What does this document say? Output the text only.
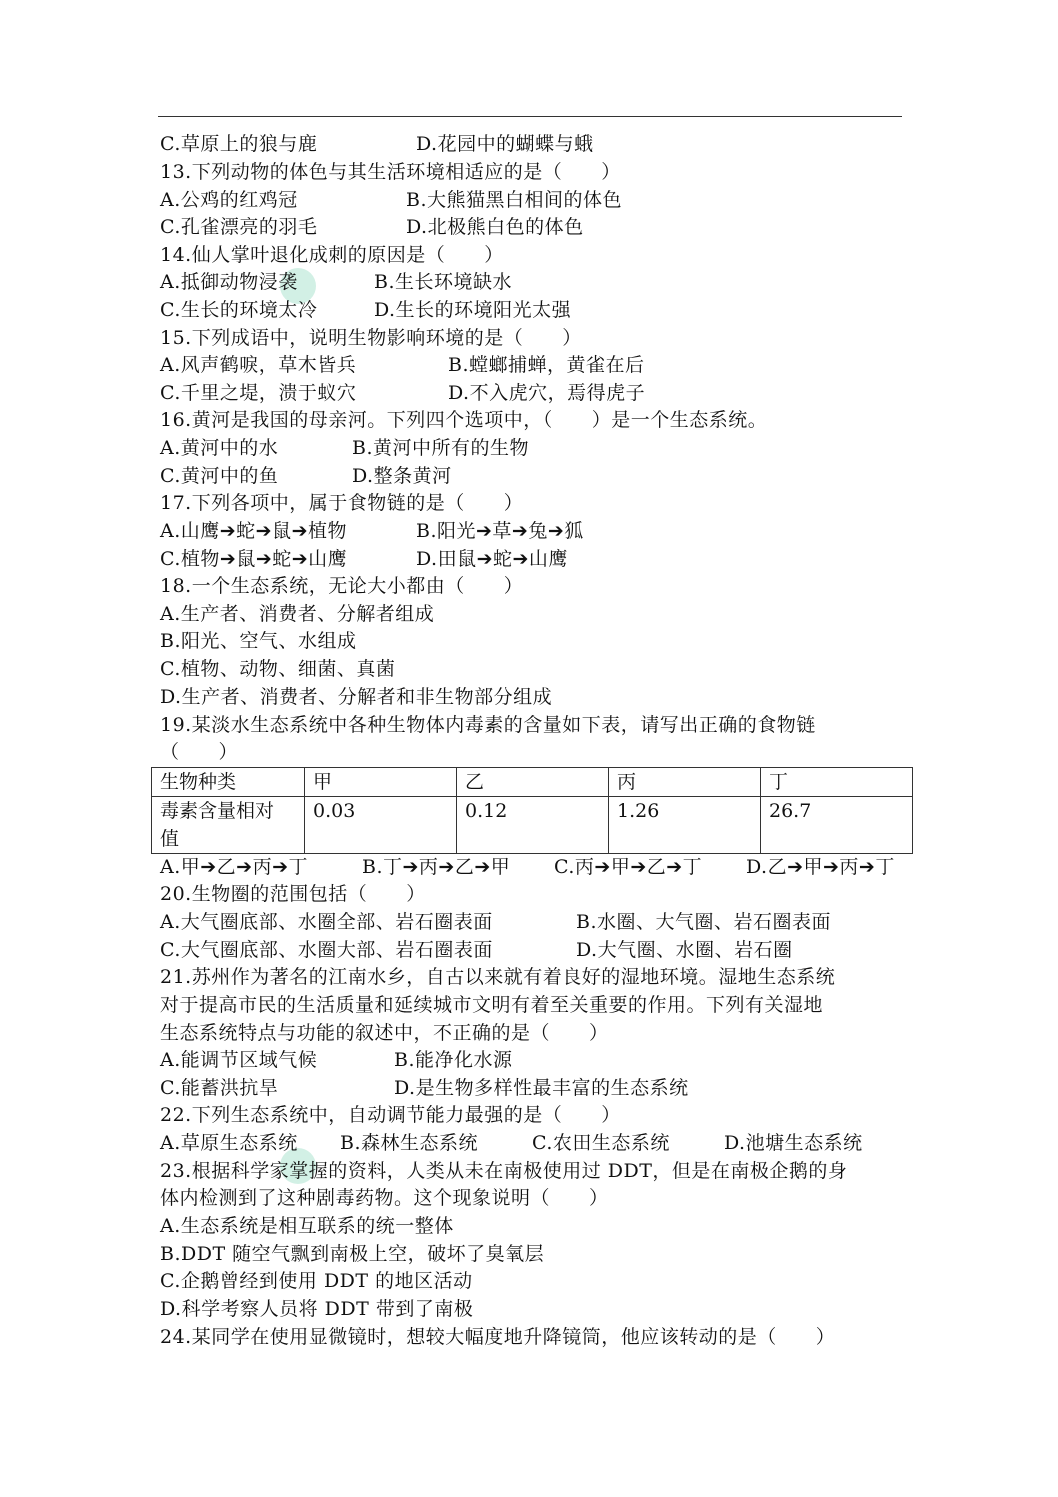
C.草原上的狼与鹿	D.花园中的蝴蝶与蛾
13.下列动物的体色与其生活环境相适应的是（　　）
A.公鸡的红鸡冠	B.大熊猫黑白相间的体色
C.孔雀漂亮的羽毛	D.北极熊白色的体色
14.仙人掌叶退化成刺的原因是（　　）
A.抵御动物浸袭	B.生长环境缺水
C.生长的环境太冷	D.生长的环境阳光太强
15.下列成语中，说明生物影响环境的是（　　）
A.风声鹤唳，草木皆兵	B.螳螂捕蝉，黄雀在后
C.千里之堤，溃于蚁穴	D.不入虎穴，焉得虎子
16.黄河是我国的母亲河。下列四个选项中，（　　）是一个生态系统。
A.黄河中的水	B.黄河中所有的生物
C.黄河中的鱼	D.整条黄河
17.下列各项中，属于食物链的是（　　）
A.山鹰➔蛇➔鼠➔植物	B.阳光➔草➔兔➔狐
C.植物➔鼠➔蛇➔山鹰	D.田鼠➔蛇➔山鹰
18.一个生态系统，无论大小都由（　　）
A.生产者、消费者、分解者组成
B.阳光、空气、水组成
C.植物、动物、细菌、真菌
D.生产者、消费者、分解者和非生物部分组成
19.某淡水生态系统中各种生物体内毒素的含量如下表，请写出正确的食物链
（　　）
生物种类	甲	乙	丙	丁
毒素含量相对
值	0.03	0.12	1.26	26.7
A.甲➔乙➔丙➔丁	B.丁➔丙➔乙➔甲 C.丙➔甲➔乙➔丁 D.乙➔甲➔丙➔丁
20.生物圈的范围包括（　　）
A.大气圈底部、水圈全部、岩石圈表面	B.水圈、大气圈、岩石圈表面
C.大气圈底部、水圈大部、岩石圈表面	D.大气圈、水圈、岩石圈
21.苏州作为著名的江南水乡，自古以来就有着良好的湿地环境。湿地生态系统
对于提高市民的生活质量和延续城市文明有着至关重要的作用。下列有关湿地
生态系统特点与功能的叙述中，不正确的是（　　）
A.能调节区域气候	B.能净化水源
C.能蓄洪抗旱	D.是生物多样性最丰富的生态系统
22.下列生态系统中，自动调节能力最强的是（　　）
A.草原生态系统 B.森林生态系统	C.农田生态系统	D.池塘生态系统
23.根据科学家掌握的资料，人类从未在南极使用过 DDT，但是在南极企鹅的身
体内检测到了这种剧毒药物。这个现象说明（　　）
A.生态系统是相互联系的统一整体
B.DDT 随空气飘到南极上空，破坏了臭氧层
C.企鹅曾经到使用 DDT 的地区活动
D.科学考察人员将 DDT 带到了南极
24.某同学在使用显微镜时，想较大幅度地升降镜筒，他应该转动的是（　　）
